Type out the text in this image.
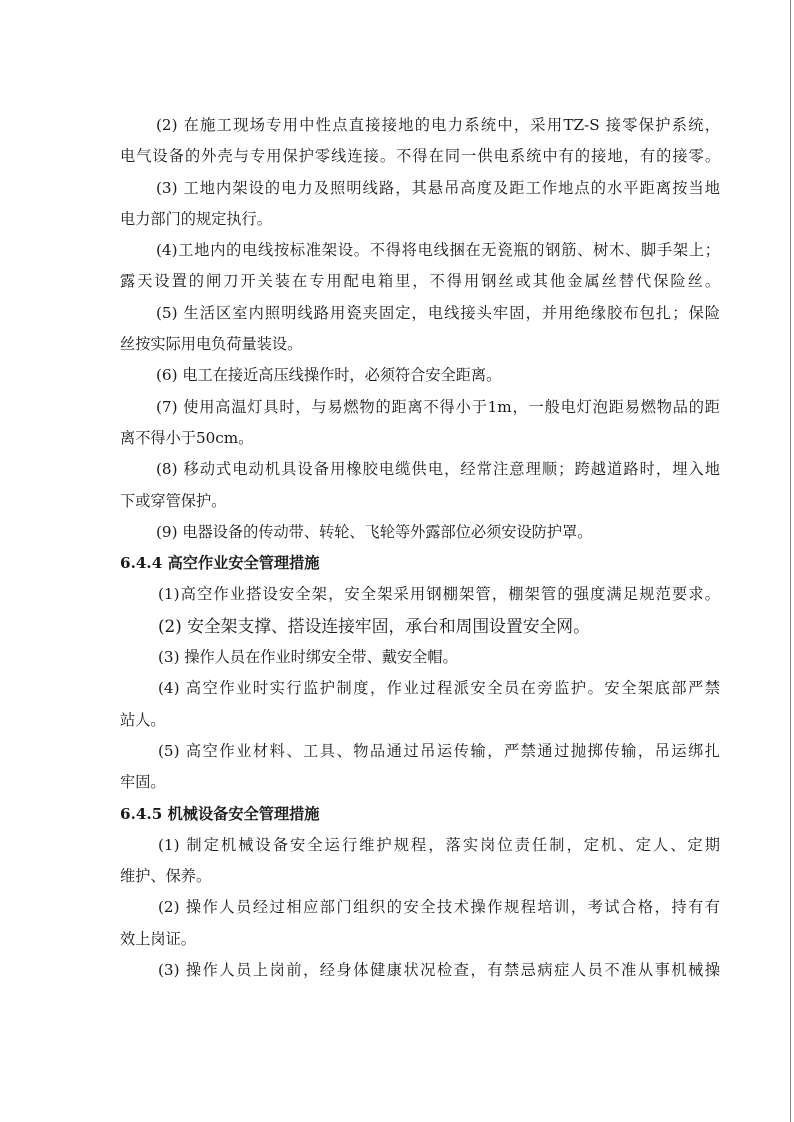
(2) 在施工现场专用中性点直接接地的电力系统中，采用TZ-S 接零保护系统，
电气设备的外壳与专用保护零线连接。不得在同一供电系统中有的接地，有的接零。
(3) 工地内架设的电力及照明线路，其悬吊高度及距工作地点的水平距离按当地
电力部门的规定执行。
(4)工地内的电线按标准架设。不得将电线捆在无瓷瓶的钢筋、树木、脚手架上；
露天设置的闸刀开关装在专用配电箱里，不得用钢丝或其他金属丝替代保险丝。
(5) 生活区室内照明线路用瓷夹固定，电线接头牢固，并用绝缘胶布包扎；保险
丝按实际用电负荷量装设。
(6) 电工在接近高压线操作时，必须符合安全距离。
(7) 使用高温灯具时，与易燃物的距离不得小于1m，一般电灯泡距易燃物品的距
离不得小于50cm。
(8) 移动式电动机具设备用橡胶电缆供电，经常注意理顺；跨越道路时，埋入地
下或穿管保护。
(9) 电器设备的传动带、转轮、飞轮等外露部位必须安设防护罩。
6.4.4 高空作业安全管理措施
(1)高空作业搭设安全架，安全架采用钢棚架管，棚架管的强度满足规范要求。
(2) 安全架支撑、搭设连接牢固，承台和周围设置安全网。
(3) 操作人员在作业时绑安全带、戴安全帽。
(4) 高空作业时实行监护制度，作业过程派安全员在旁监护。安全架底部严禁
站人。
(5) 高空作业材料、工具、物品通过吊运传输，严禁通过抛掷传输，吊运绑扎
牢固。
6.4.5 机械设备安全管理措施
(1) 制定机械设备安全运行维护规程，落实岗位责任制，定机、定人、定期
维护、保养。
(2) 操作人员经过相应部门组织的安全技术操作规程培训，考试合格，持有有
效上岗证。
(3) 操作人员上岗前，经身体健康状况检查，有禁忌病症人员不准从事机械操
